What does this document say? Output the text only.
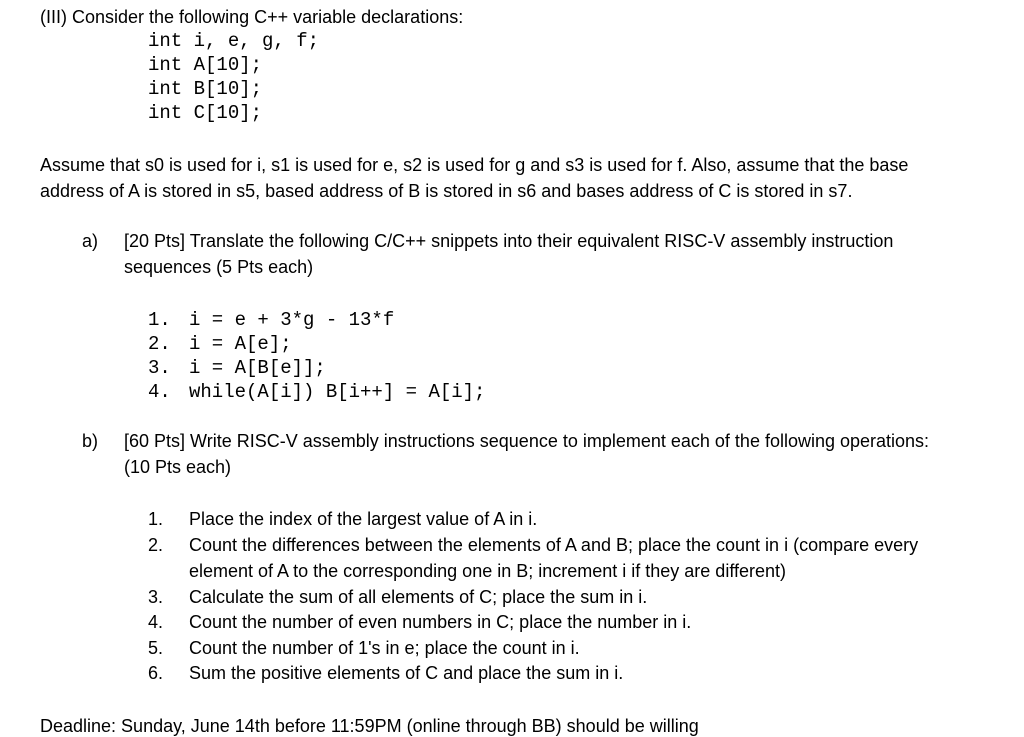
(III) Consider the following C++ variable declarations:
int i, e, g, f;
int A[10];
int B[10];
int C[10];
Assume that s0 is used for i, s1 is used for e, s2 is used for g and s3 is used for f. Also, assume that the base
address of A is stored in s5, based address of B is stored in s6 and bases address of C is stored in s7.
a) [20 Pts] Translate the following C/C++ snippets into their equivalent RISC-V assembly instruction
sequences (5 Pts each)
1. i = e + 3*g - 13*f
2. i = A[e];
3. i = A[B[e]];
4. while(A[i]) B[i++] = A[i];
b) [60 Pts] Write RISC-V assembly instructions sequence to implement each of the following operations:
(10 Pts each)
1. Place the index of the largest value of A in i.
2. Count the differences between the elements of A and B; place the count in i (compare every
element of A to the corresponding one in B; increment i if they are different)
3. Calculate the sum of all elements of C; place the sum in i.
4. Count the number of even numbers in C; place the number in i.
5. Count the number of 1's in e; place the count in i.
6. Sum the positive elements of C and place the sum in i.
Deadline: Sunday, June 14th before 11:59PM (online through BB) should be willing
